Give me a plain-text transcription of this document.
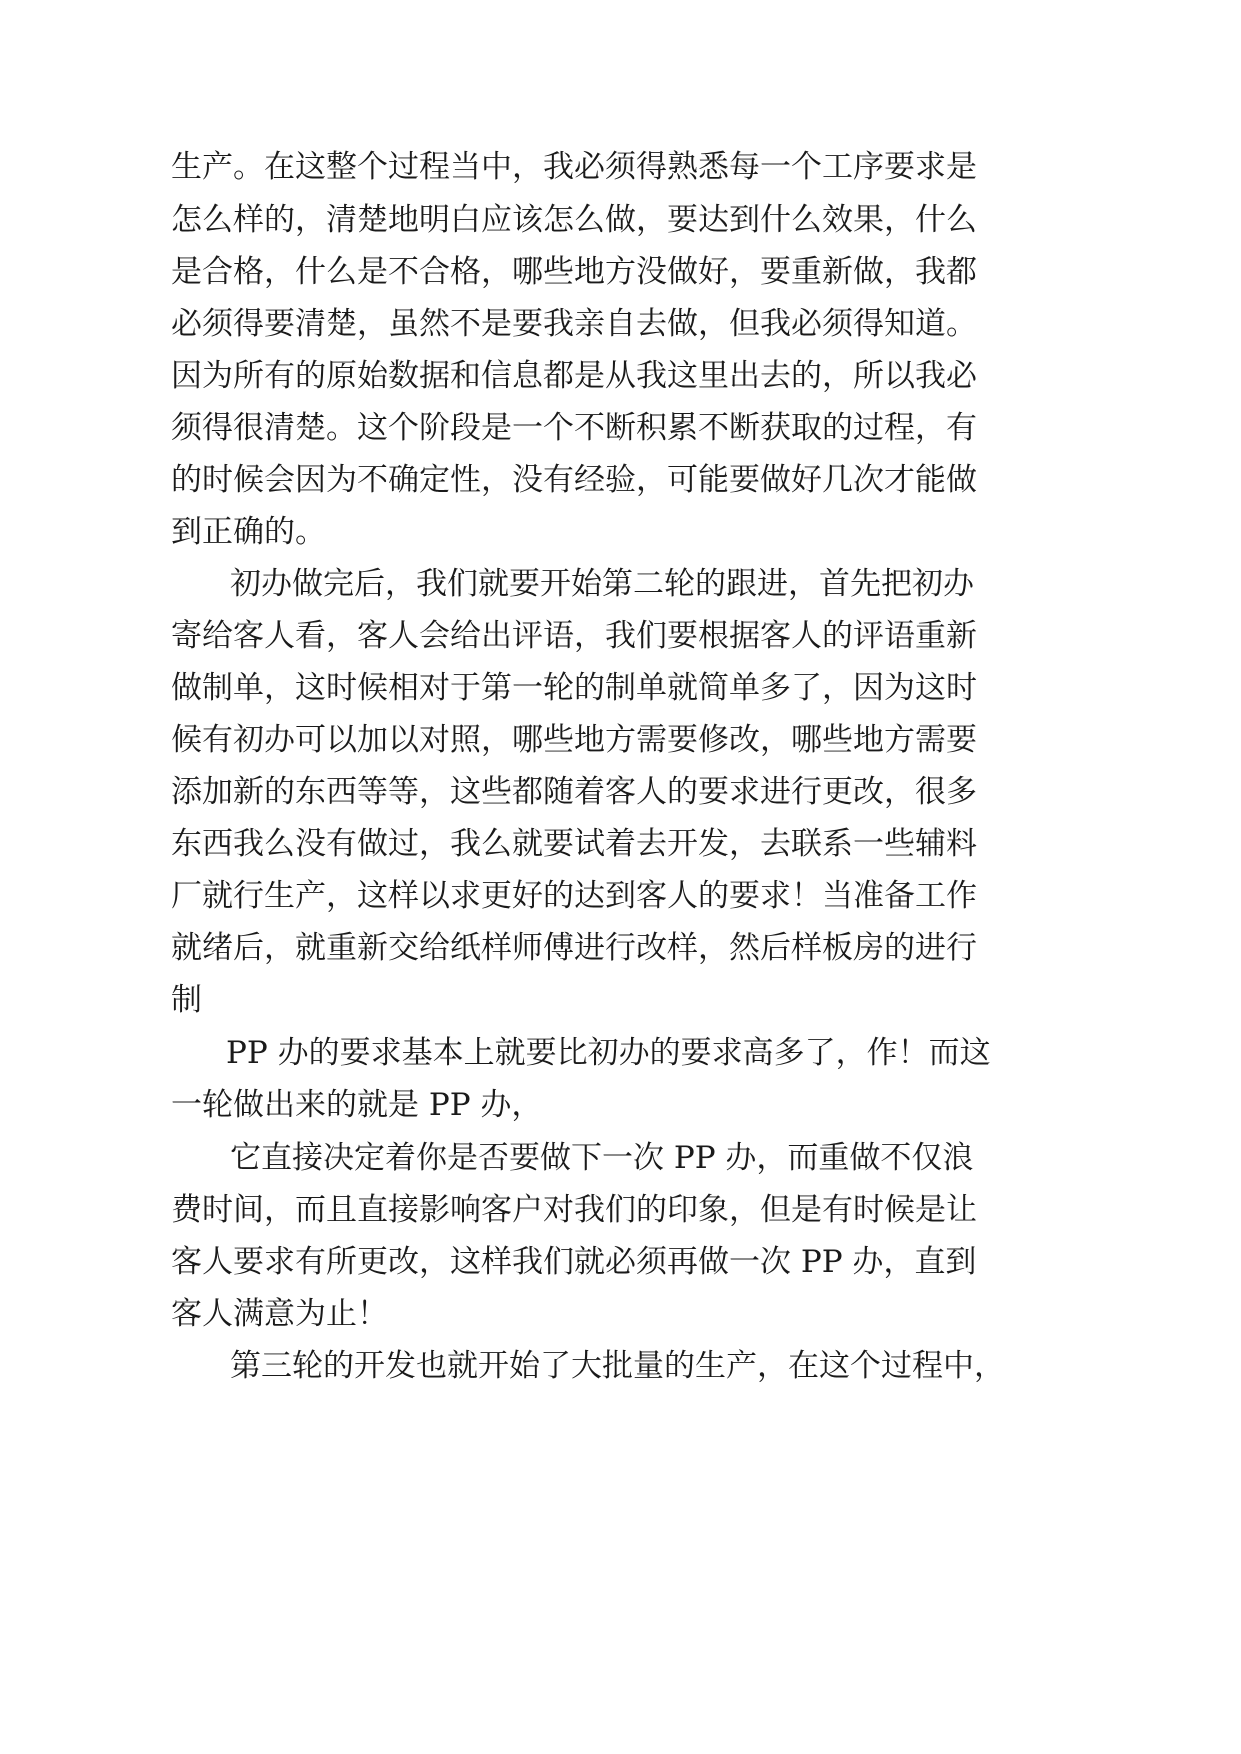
生产。在这整个过程当中，我必须得熟悉每一个工序要求是

怎么样的，清楚地明白应该怎么做，要达到什么效果，什么

是合格，什么是不合格，哪些地方没做好，要重新做，我都

必须得要清楚，虽然不是要我亲自去做，但我必须得知道。

因为所有的原始数据和信息都是从我这里出去的，所以我必

须得很清楚。这个阶段是一个不断积累不断获取的过程，有

的时候会因为不确定性，没有经验，可能要做好几次才能做

到正确的。

初办做完后，我们就要开始第二轮的跟进，首先把初办

寄给客人看，客人会给出评语，我们要根据客人的评语重新

做制单，这时候相对于第一轮的制单就简单多了，因为这时

候有初办可以加以对照，哪些地方需要修改，哪些地方需要

添加新的东西等等，这些都随着客人的要求进行更改，很多

东西我么没有做过，我么就要试着去开发，去联系一些辅料

厂就行生产，这样以求更好的达到客人的要求！当准备工作

就绪后，就重新交给纸样师傅进行改样，然后样板房的进行

制

PP 办的要求基本上就要比初办的要求高多了，作！而这

一轮做出来的就是 PP 办，

它直接决定着你是否要做下一次 PP 办，而重做不仅浪

费时间，而且直接影响客户对我们的印象，但是有时候是让

客人要求有所更改，这样我们就必须再做一次 PP 办，直到

客人满意为止！

第三轮的开发也就开始了大批量的生产，在这个过程中，
